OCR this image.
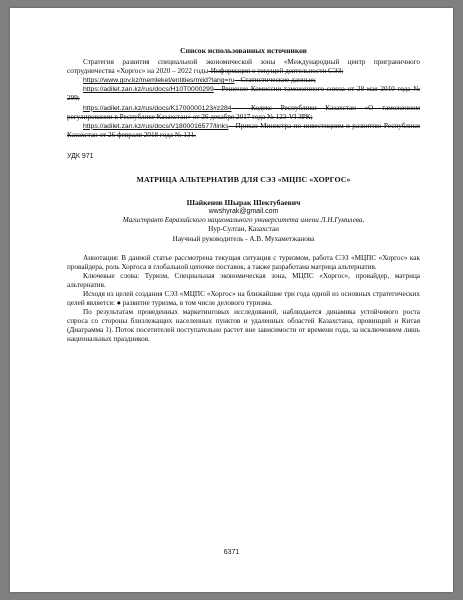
Список использованных источников

Стратегия развития специальной экономической зоны «Международный центр приграничного сотрудничества «Хоргос» на 2020 – 2022 годы-Информация о текущей деятельности СЭЗ;

https://www.gov.kz/memleket/entities/miid?lang=ru - Статистические данные;

https://adilet.zan.kz/rus/docs/H10T0000299 - Решение Комиссии таможенного союза от 28 мая 2010 года № 299;

https://adilet.zan.kz/rus/docs/K1700000123#z284 - Кодекс Республики Казахстан «О таможенном регулировании в Республике Казахстан» от 26 декабря 2017 года № 123-VI ЗРК;

https://adilet.zan.kz/rus/docs/V1800016577/links - Приказ Министра по инвестициям и развитию Республики Казахстан от 26 февраля 2018 года № 131.

УДК 971
МАТРИЦА АЛЬТЕРНАТИВ ДЛЯ СЭЗ «МЦПС «ХОРГОС»
Шайкенов Шырак Шектубаевич
wwshyrak@gmail.com
Магистрант Евразийского национального университета имени Л.Н.Гумилева,
Нур-Султан, Казахстан
Научный руководитель - А.В. Мухаметжанова

Аннотация: В данной статье рассмотрена текущая ситуация с туризмом, работа СЭЗ «МЦПС «Хоргос» как провайдера, роль Хоргоса в глобальной цепочке поставок, а также разработана матрица альтернатив.

Ключевые слова: Туризм, Специальная экономическая зона, МЦПС «Хоргос», провайдер, матрица альтернатив.

Исходя из целей создания СЭЗ «МЦПС «Хоргос» на ближайшие три года одной из основных стратегических целей является: ● развитие туризма, в том числе делового туризма.

По результатам проведенных маркетинговых исследований, наблюдается динамика устойчивого роста спроса со стороны близлежащих населенных пунктов и удаленных областей Казахстана, провинций и Китая (Диаграмма 1). Поток посетителей поступательно растет вне зависимости от времени года, за исключением лишь национальных праздников.

6371
